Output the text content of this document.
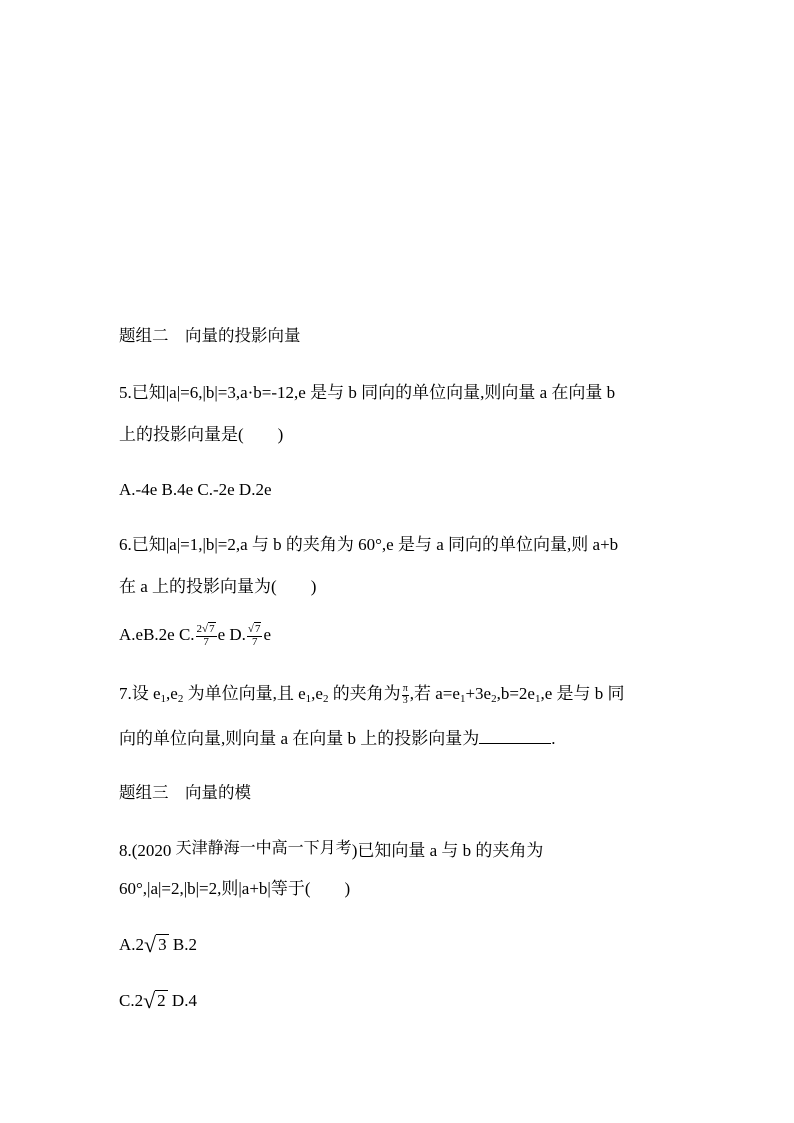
题组二　向量的投影向量
5.已知|a|=6,|b|=3,a·b=-12,e 是与 b 同向的单位向量,则向量 a 在向量 b
上的投影向量是(　　)
A.-4e B.4e C.-2e D.2e
6.已知|a|=1,|b|=2,a 与 b 的夹角为 60°,e 是与 a 同向的单位向量,则 a+b
在 a 上的投影向量为(　　)
A.eB.2e C. $\frac{2√7}{7}$ e D. $\frac{√7}{7}$ e
7.设 $e_1,e_2$ 为单位向量,且 $e_1,e_2$ 的夹角为 $\frac{\pi}{3}$ ,若 $a=e_1+3e_2,b=2e_1,e$ 是与 b 同
向的单位向量,则向量 a 在向量 b 上的投影向量为	.
题组三　向量的模
8.(2020 天津静海一中高一下月考)已知向量 a 与 b 的夹角为
60°,|a|=2,|b|=2,则|a+b|等于(　　)
A.2√ 3 B.2
C.2√ 2 D.4
